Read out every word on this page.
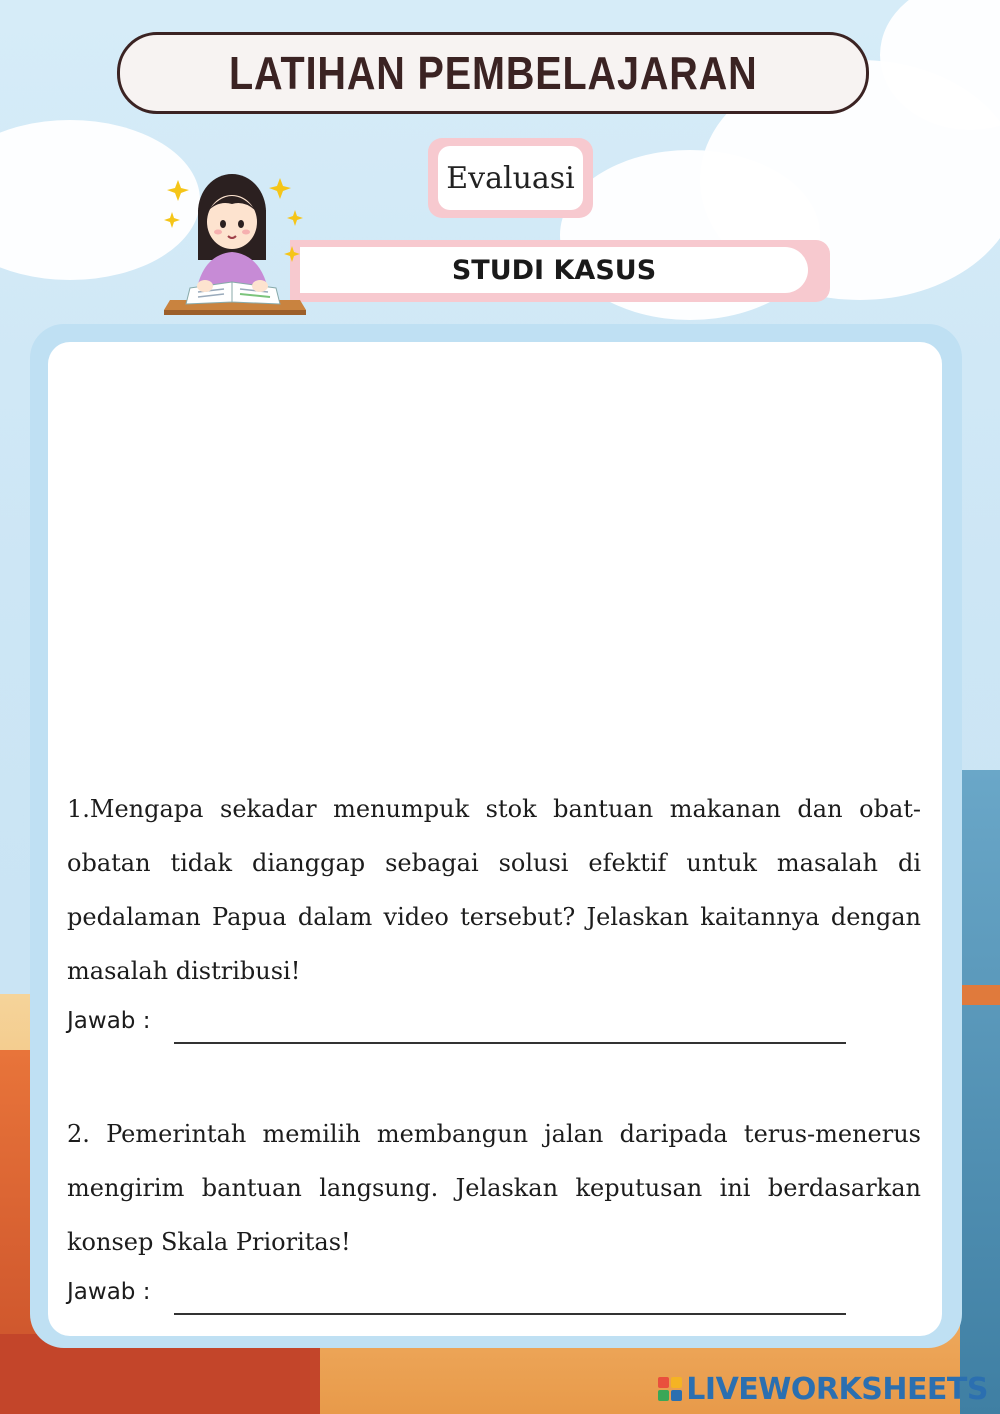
LATIHAN PEMBELAJARAN
Evaluasi
STUDI KASUS
1.Mengapa sekadar menumpuk stok bantuan makanan dan obat-obatan tidak dianggap sebagai solusi efektif untuk masalah di pedalaman Papua dalam video tersebut? Jelaskan kaitannya dengan masalah distribusi!
Jawab :
2. Pemerintah memilih membangun jalan daripada terus-menerus mengirim bantuan langsung. Jelaskan keputusan ini berdasarkan konsep Skala Prioritas!
Jawab :
LIVEWORKSHEETS
